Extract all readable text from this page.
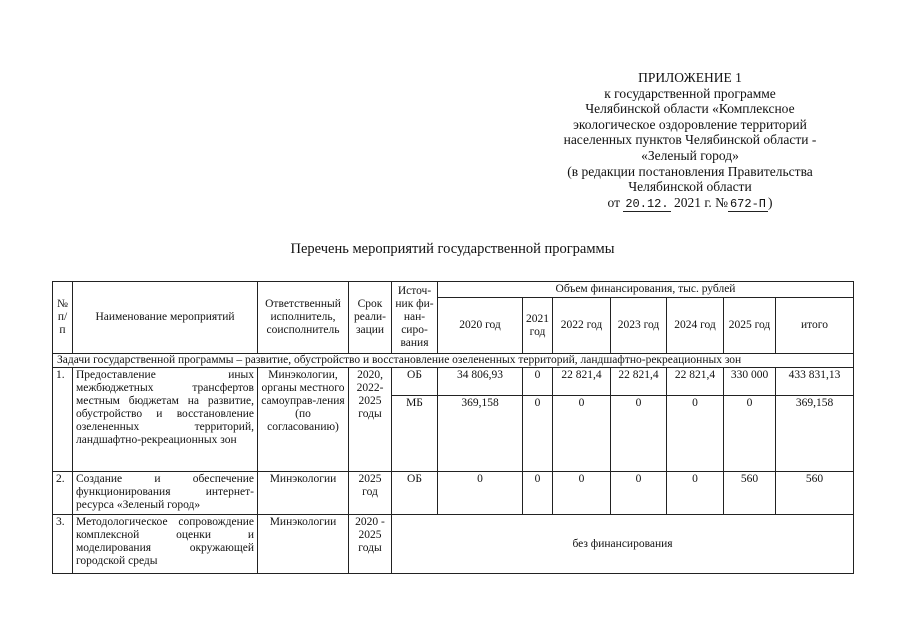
ПРИЛОЖЕНИЕ 1
к государственной программе
Челябинской области «Комплексное
экологическое оздоровление территорий
населенных пунктов Челябинской области -
«Зеленый город»
(в редакции постановления Правительства
Челябинской области
от 20.12. 2021 г. № 672-П )
Перечень мероприятий государственной программы
№ п/п	Наименование мероприятий	Ответственный исполнитель, соисполнитель	Срок реали-зации	Источ-ник фи-нан-сиро-вания	Объем финансирования, тыс. рублей						
					2020 год	2021 год	2022 год	2023 год	2024 год	2025 год	итого
Задачи государственной программы – развитие, обустройство и восстановление озелененных территорий, ландшафтно-рекреационных зон											
1.	Предоставление иных межбюджетных трансфертов местным бюджетам на развитие, обустройство и восстановление озелененных территорий, ландшафтно-рекреационных зон	Минэкологии, органы местного самоуправ-ления (по согласованию)	2020, 2022-2025 годы	ОБ	34 806,93	0	22 821,4	22 821,4	22 821,4	330 000	433 831,13
				МБ	369,158	0	0	0	0	0	369,158
2.	Создание и обеспечение функционирования интернет-ресурса «Зеленый город»	Минэкологии	2025 год	ОБ	0	0	0	0	0	560	560
3.	Методологическое сопровождение комплексной оценки и моделирования окружающей городской среды	Минэкологии	2020 - 2025 годы	без финансирования							
